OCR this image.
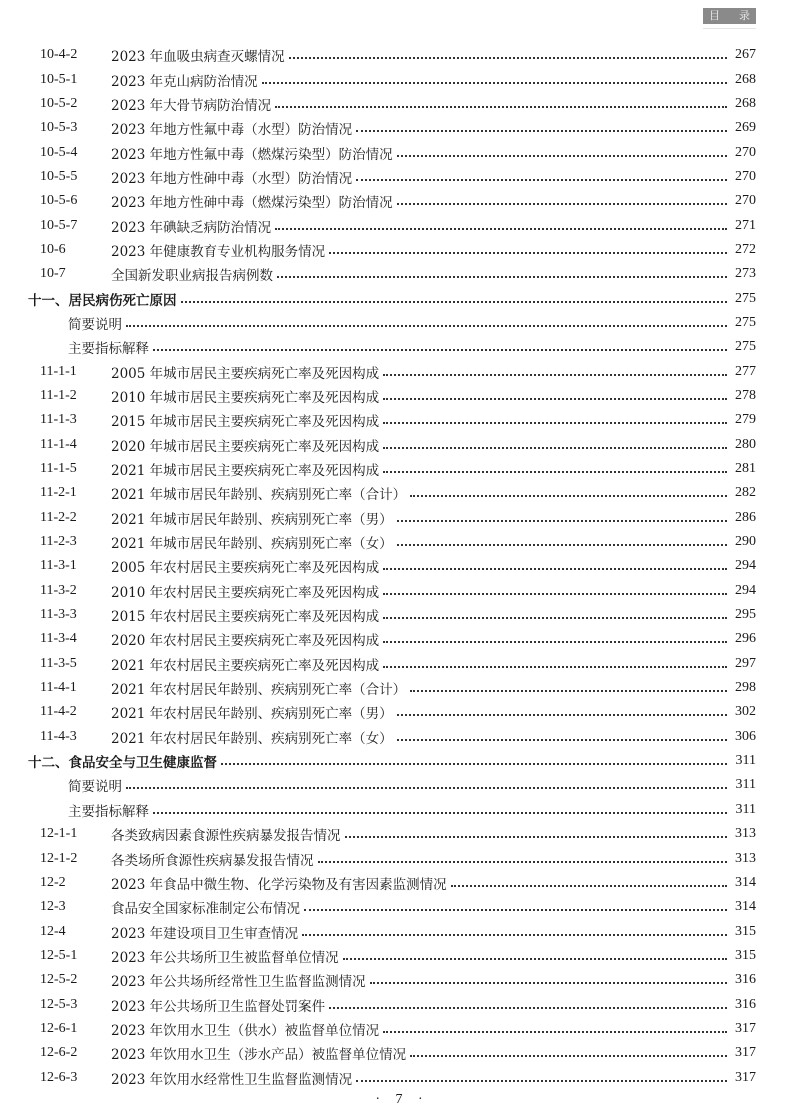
目 录
10-4-2	2023 年血吸虫病查灭螺情况	267
10-5-1	2023 年克山病防治情况	268
10-5-2	2023 年大骨节病防治情况	268
10-5-3	2023 年地方性氟中毒（水型）防治情况	269
10-5-4	2023 年地方性氟中毒（燃煤污染型）防治情况	270
10-5-5	2023 年地方性砷中毒（水型）防治情况	270
10-5-6	2023 年地方性砷中毒（燃煤污染型）防治情况	270
10-5-7	2023 年碘缺乏病防治情况	271
10-6	2023 年健康教育专业机构服务情况	272
10-7	全国新发职业病报告病例数	273
十一、居民病伤死亡原因	275
简要说明	275
主要指标解释	275
11-1-1	2005 年城市居民主要疾病死亡率及死因构成	277
11-1-2	2010 年城市居民主要疾病死亡率及死因构成	278
11-1-3	2015 年城市居民主要疾病死亡率及死因构成	279
11-1-4	2020 年城市居民主要疾病死亡率及死因构成	280
11-1-5	2021 年城市居民主要疾病死亡率及死因构成	281
11-2-1	2021 年城市居民年龄别、疾病别死亡率（合计）	282
11-2-2	2021 年城市居民年龄别、疾病别死亡率（男）	286
11-2-3	2021 年城市居民年龄别、疾病别死亡率（女）	290
11-3-1	2005 年农村居民主要疾病死亡率及死因构成	294
11-3-2	2010 年农村居民主要疾病死亡率及死因构成	294
11-3-3	2015 年农村居民主要疾病死亡率及死因构成	295
11-3-4	2020 年农村居民主要疾病死亡率及死因构成	296
11-3-5	2021 年农村居民主要疾病死亡率及死因构成	297
11-4-1	2021 年农村居民年龄别、疾病别死亡率（合计）	298
11-4-2	2021 年农村居民年龄别、疾病别死亡率（男）	302
11-4-3	2021 年农村居民年龄别、疾病别死亡率（女）	306
十二、食品安全与卫生健康监督	311
简要说明	311
主要指标解释	311
12-1-1	各类致病因素食源性疾病暴发报告情况	313
12-1-2	各类场所食源性疾病暴发报告情况	313
12-2	2023 年食品中微生物、化学污染物及有害因素监测情况	314
12-3	食品安全国家标准制定公布情况	314
12-4	2023 年建设项目卫生审查情况	315
12-5-1	2023 年公共场所卫生被监督单位情况	315
12-5-2	2023 年公共场所经常性卫生监督监测情况	316
12-5-3	2023 年公共场所卫生监督处罚案件	316
12-6-1	2023 年饮用水卫生（供水）被监督单位情况	317
12-6-2	2023 年饮用水卫生（涉水产品）被监督单位情况	317
12-6-3	2023 年饮用水经常性卫生监督监测情况	317
· 7 ·
